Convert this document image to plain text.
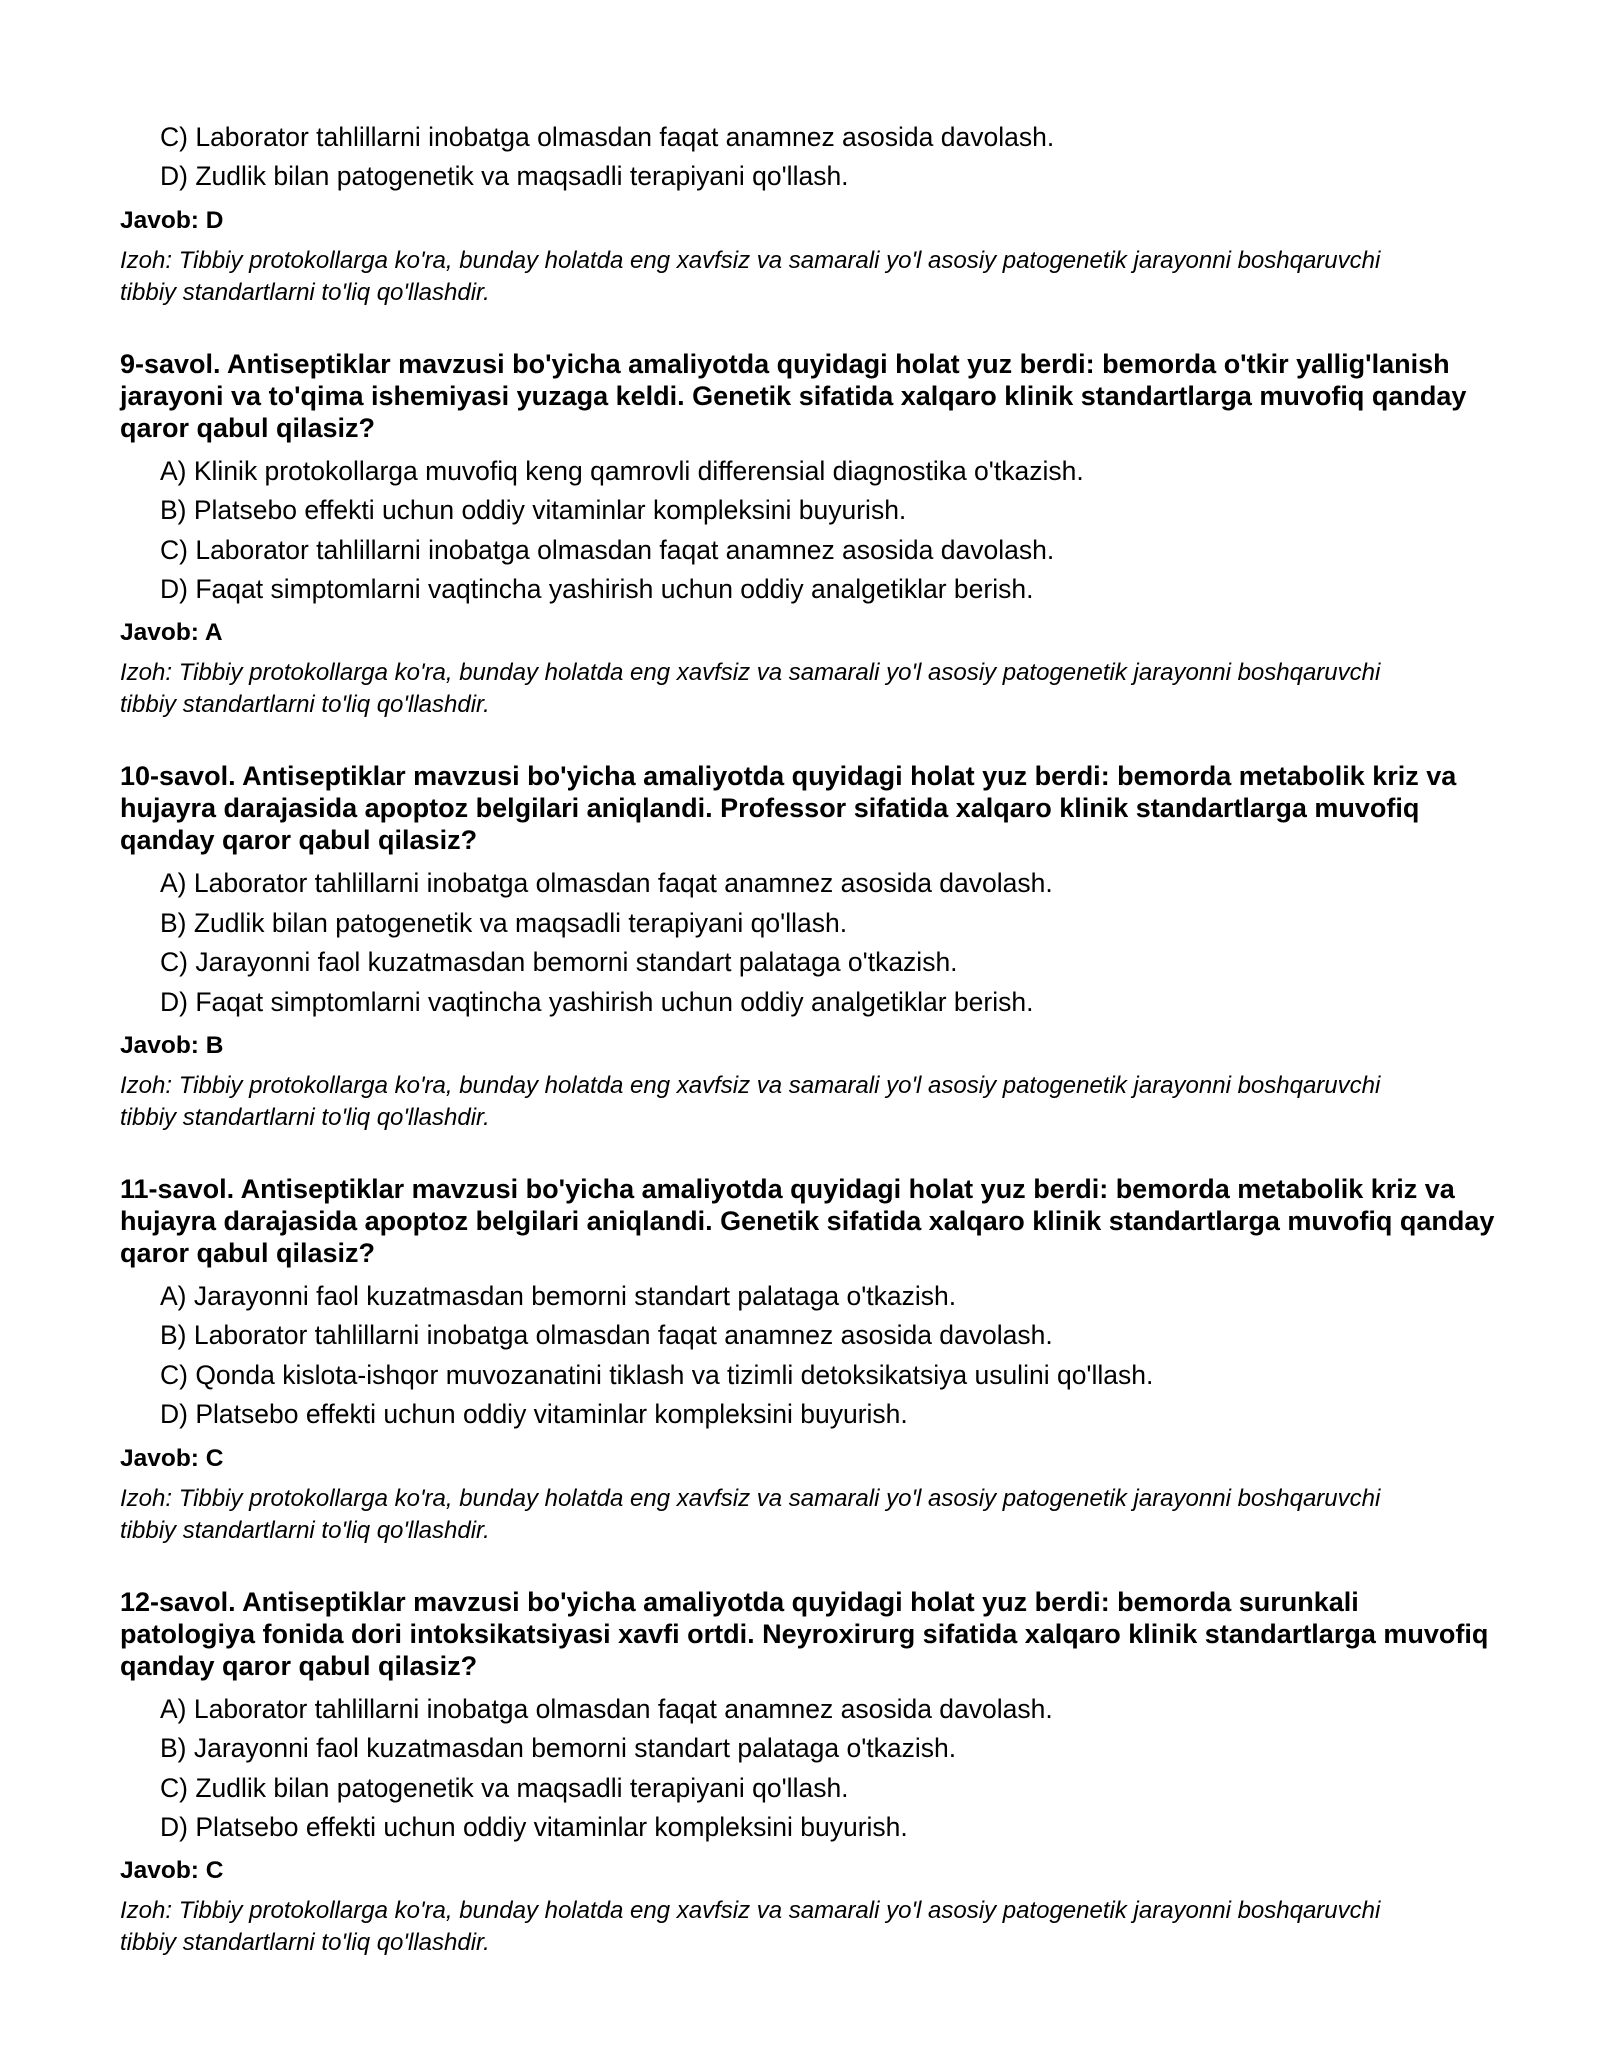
C) Laborator tahlillarni inobatga olmasdan faqat anamnez asosida davolash.
D) Zudlik bilan patogenetik va maqsadli terapiyani qo'llash.
Javob: D
Izoh: Tibbiy protokollarga ko'ra, bunday holatda eng xavfsiz va samarali yo'l asosiy patogenetik jarayonni boshqaruvchi tibbiy standartlarni to'liq qo'llashdir.
9-savol. Antiseptiklar mavzusi bo'yicha amaliyotda quyidagi holat yuz berdi: bemorda o'tkir yallig'lanish jarayoni va to'qima ishemiyasi yuzaga keldi. Genetik sifatida xalqaro klinik standartlarga muvofiq qanday qaror qabul qilasiz?
A) Klinik protokollarga muvofiq keng qamrovli differensial diagnostika o'tkazish.
B) Platsebo effekti uchun oddiy vitaminlar kompleksini buyurish.
C) Laborator tahlillarni inobatga olmasdan faqat anamnez asosida davolash.
D) Faqat simptomlarni vaqtincha yashirish uchun oddiy analgetiklar berish.
Javob: A
Izoh: Tibbiy protokollarga ko'ra, bunday holatda eng xavfsiz va samarali yo'l asosiy patogenetik jarayonni boshqaruvchi tibbiy standartlarni to'liq qo'llashdir.
10-savol. Antiseptiklar mavzusi bo'yicha amaliyotda quyidagi holat yuz berdi: bemorda metabolik kriz va hujayra darajasida apoptoz belgilari aniqlandi. Professor sifatida xalqaro klinik standartlarga muvofiq qanday qaror qabul qilasiz?
A) Laborator tahlillarni inobatga olmasdan faqat anamnez asosida davolash.
B) Zudlik bilan patogenetik va maqsadli terapiyani qo'llash.
C) Jarayonni faol kuzatmasdan bemorni standart palataga o'tkazish.
D) Faqat simptomlarni vaqtincha yashirish uchun oddiy analgetiklar berish.
Javob: B
Izoh: Tibbiy protokollarga ko'ra, bunday holatda eng xavfsiz va samarali yo'l asosiy patogenetik jarayonni boshqaruvchi tibbiy standartlarni to'liq qo'llashdir.
11-savol. Antiseptiklar mavzusi bo'yicha amaliyotda quyidagi holat yuz berdi: bemorda metabolik kriz va hujayra darajasida apoptoz belgilari aniqlandi. Genetik sifatida xalqaro klinik standartlarga muvofiq qanday qaror qabul qilasiz?
A) Jarayonni faol kuzatmasdan bemorni standart palataga o'tkazish.
B) Laborator tahlillarni inobatga olmasdan faqat anamnez asosida davolash.
C) Qonda kislota-ishqor muvozanatini tiklash va tizimli detoksikatsiya usulini qo'llash.
D) Platsebo effekti uchun oddiy vitaminlar kompleksini buyurish.
Javob: C
Izoh: Tibbiy protokollarga ko'ra, bunday holatda eng xavfsiz va samarali yo'l asosiy patogenetik jarayonni boshqaruvchi tibbiy standartlarni to'liq qo'llashdir.
12-savol. Antiseptiklar mavzusi bo'yicha amaliyotda quyidagi holat yuz berdi: bemorda surunkali patologiya fonida dori intoksikatsiyasi xavfi ortdi. Neyroxirurg sifatida xalqaro klinik standartlarga muvofiq qanday qaror qabul qilasiz?
A) Laborator tahlillarni inobatga olmasdan faqat anamnez asosida davolash.
B) Jarayonni faol kuzatmasdan bemorni standart palataga o'tkazish.
C) Zudlik bilan patogenetik va maqsadli terapiyani qo'llash.
D) Platsebo effekti uchun oddiy vitaminlar kompleksini buyurish.
Javob: C
Izoh: Tibbiy protokollarga ko'ra, bunday holatda eng xavfsiz va samarali yo'l asosiy patogenetik jarayonni boshqaruvchi tibbiy standartlarni to'liq qo'llashdir.
